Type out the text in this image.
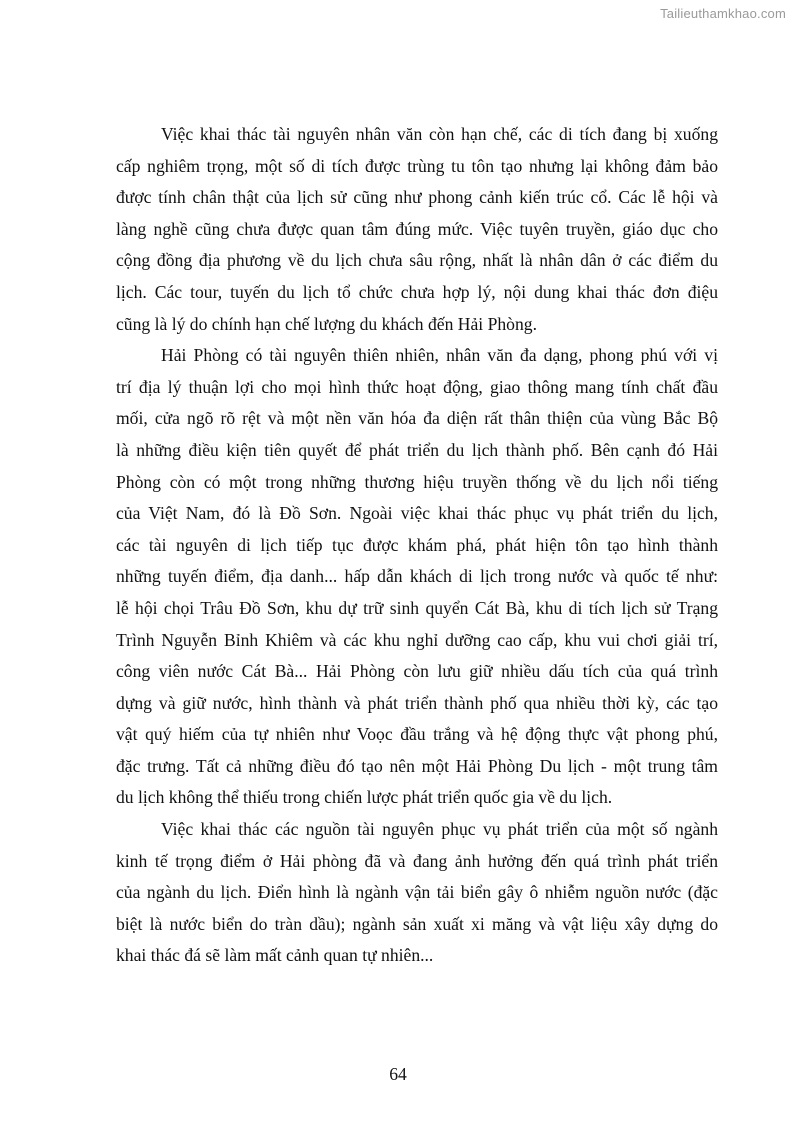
Tailieuthamkhao.com

Việc khai thác tài nguyên nhân văn còn hạn chế, các di tích đang bị xuống
cấp nghiêm trọng, một số di tích được trùng tu tôn tạo nhưng lại không đảm bảo
được tính chân thật của lịch sử cũng như phong cảnh kiến trúc cổ. Các lễ hội và
làng nghề cũng chưa được quan tâm đúng mức. Việc tuyên truyền, giáo dục cho
cộng đồng địa phương về du lịch chưa sâu rộng, nhất là nhân dân ở các điểm du
lịch. Các tour, tuyến du lịch tổ chức chưa hợp lý, nội dung khai thác đơn điệu
cũng là lý do chính hạn chế lượng du khách đến Hải Phòng.

Hải Phòng có tài nguyên thiên nhiên, nhân văn đa dạng, phong phú với vị
trí địa lý thuận lợi cho mọi hình thức hoạt động, giao thông mang tính chất đầu
mối, cửa ngõ rõ rệt và một nền văn hóa đa diện rất thân thiện của vùng Bắc Bộ
là những điều kiện tiên quyết để phát triển du lịch thành phố. Bên cạnh đó Hải
Phòng còn có một trong những thương hiệu truyền thống về du lịch nổi tiếng
của Việt Nam, đó là Đồ Sơn. Ngoài việc khai thác phục vụ phát triển du lịch,
các tài nguyên di lịch tiếp tục được khám phá, phát hiện tôn tạo hình thành
những tuyến điểm, địa danh... hấp dẫn khách di lịch trong nước và quốc tế như:
lễ hội chọi Trâu Đồ Sơn, khu dự trữ sinh quyển Cát Bà, khu di tích lịch sử Trạng
Trình Nguyễn Bỉnh Khiêm và các khu nghỉ dưỡng cao cấp, khu vui chơi giải trí,
công viên nước Cát Bà... Hải Phòng còn lưu giữ nhiều dấu tích của quá trình
dựng và giữ nước, hình thành và phát triển thành phố qua nhiều thời kỳ, các tạo
vật quý hiếm của tự nhiên như Voọc đầu trắng và hệ động thực vật phong phú,
đặc trưng. Tất cả những điều đó tạo nên một Hải Phòng Du lịch - một trung tâm
du lịch không thể thiếu trong chiến lược phát triển quốc gia về du lịch.

Việc khai thác các nguồn tài nguyên phục vụ phát triển của một số ngành
kinh tế trọng điểm ở Hải phòng đã và đang ảnh hưởng đến quá trình phát triển
của ngành du lịch. Điển hình là ngành vận tải biển gây ô nhiễm nguồn nước (đặc
biệt là nước biển do tràn dầu); ngành sản xuất xi măng và vật liệu xây dựng do
khai thác đá sẽ làm mất cảnh quan tự nhiên...

64
